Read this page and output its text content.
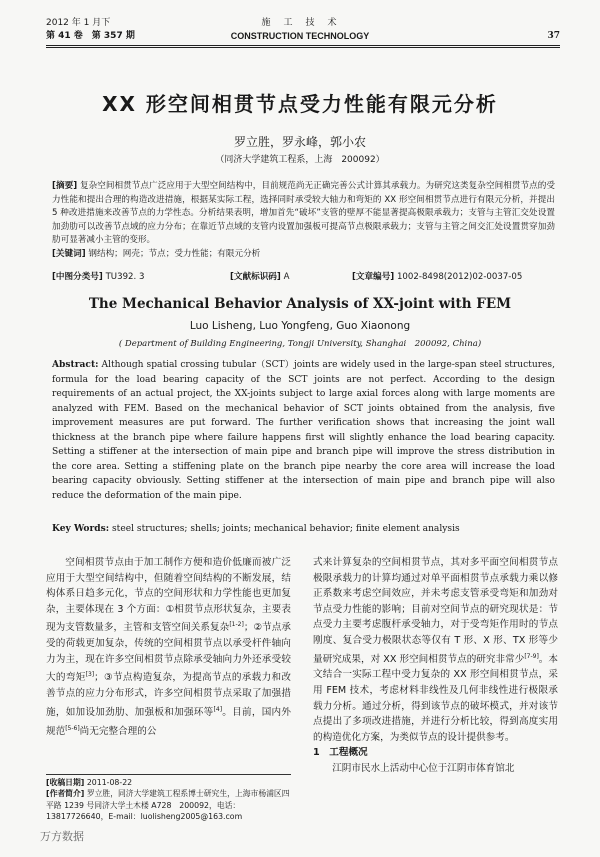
2012 年 1 月下
第 41 卷　第 357 期
施　工　技　术
CONSTRUCTION TECHNOLOGY	37
XX 形空间相贯节点受力性能有限元分析
罗立胜，罗永峰，郭小农
（同济大学建筑工程系，上海　200092）
[摘要] 复杂空间相贯节点广泛应用于大型空间结构中，目前规范尚无正确完善公式计算其承载力。为研究这类复杂空间相贯节点的受力性能和提出合理的构造改进措施，根据某实际工程，选择同时承受较大轴力和弯矩的 XX 形空间相贯节点进行有限元分析，并提出 5 种改进措施来改善节点的力学性态。分析结果表明，增加首先“破坏”支管的壁厚不能显著提高极限承载力；支管与主管汇交处设置加劲肋可以改善节点域的应力分布；在靠近节点域的支管内设置加强板可提高节点极限承载力；支管与主管之间交汇处设置贯穿加劲肋可显著减小主管的变形。
[关键词] 钢结构；网壳；节点；受力性能；有限元分析
[中图分类号] TU392. 3	[文献标识码] A	[文章编号] 1002-8498(2012)02-0037-05
The Mechanical Behavior Analysis of XX-joint with FEM
Luo Lisheng, Luo Yongfeng, Guo Xiaonong
( Department of Building Engineering, Tongji University, Shanghai　200092, China)
Abstract: Although spatial crossing tubular（SCT）joints are widely used in the large-span steel structures, formula for the load bearing capacity of the SCT joints are not perfect. According to the design requirements of an actual project, the XX-joints subject to large axial forces along with large moments are analyzed with FEM. Based on the mechanical behavior of SCT joints obtained from the analysis, five improvement measures are put forward. The further verification shows that increasing the joint wall thickness at the branch pipe where failure happens first will slightly enhance the load bearing capacity. Setting a stiffener at the intersection of main pipe and branch pipe will improve the stress distribution in the core area. Setting a stiffening plate on the branch pipe nearby the core area will increase the load bearing capacity obviously. Setting stiffener at the intersection of main pipe and branch pipe will also reduce the deformation of the main pipe.
Key Words: steel structures; shells; joints; mechanical behavior; finite element analysis
空间相贯节点由于加工制作方便和造价低廉而被广泛应用于大型空间结构中，但随着空间结构的不断发展，结构体系日趋多元化，节点的空间形状和力学性能也更加复杂，主要体现在 3 个方面：①相贯节点形状复杂，主要表现为支管数量多，主管和支管空间关系复杂[1-2]；②节点承受的荷载更加复杂，传统的空间相贯节点以承受杆件轴向力为主，现在许多空间相贯节点除承受轴向力外还承受较大的弯矩[3]；③节点构造复杂，为提高节点的承载力和改善节点的应力分布形式，许多空间相贯节点采取了加强措施，如加设加劲肋、加强板和加强环等[4]。目前，国内外规范[5-6]尚无完整合理的公
[收稿日期] 2011-08-22
[作者简介] 罗立胜，同济大学建筑工程系博士研究生，上海市杨浦区四平路 1239 号同济大学土木楼 A728　200092，电话：13817726640，E-mail：luolisheng2005@163.com
式来计算复杂的空间相贯节点，其对多平面空间相贯节点极限承载力的计算均通过对单平面相贯节点承载力乘以修正系数来考虑空间效应，并未考虑支管承受弯矩和加劲对节点受力性能的影响；目前对空间节点的研究现状是：节点受力主要考虑腹杆承受轴力，对于受弯矩作用时的节点刚度、复合受力极限状态等仅有 T 形、X 形、TX 形等少量研究成果，对 XX 形空间相贯节点的研究非常少[7-9]。本文结合一实际工程中受力复杂的 XX 形空间相贯节点，采用 FEM 技术，考虑材料非线性及几何非线性进行极限承载力分析。通过分析，得到该节点的破坏模式，并对该节点提出了多项改进措施，并进行分析比较，得到高度实用的构造优化方案，为类似节点的设计提供参考。
1　工程概况
江阴市民水上活动中心位于江阴市体育馆北
万方数据
